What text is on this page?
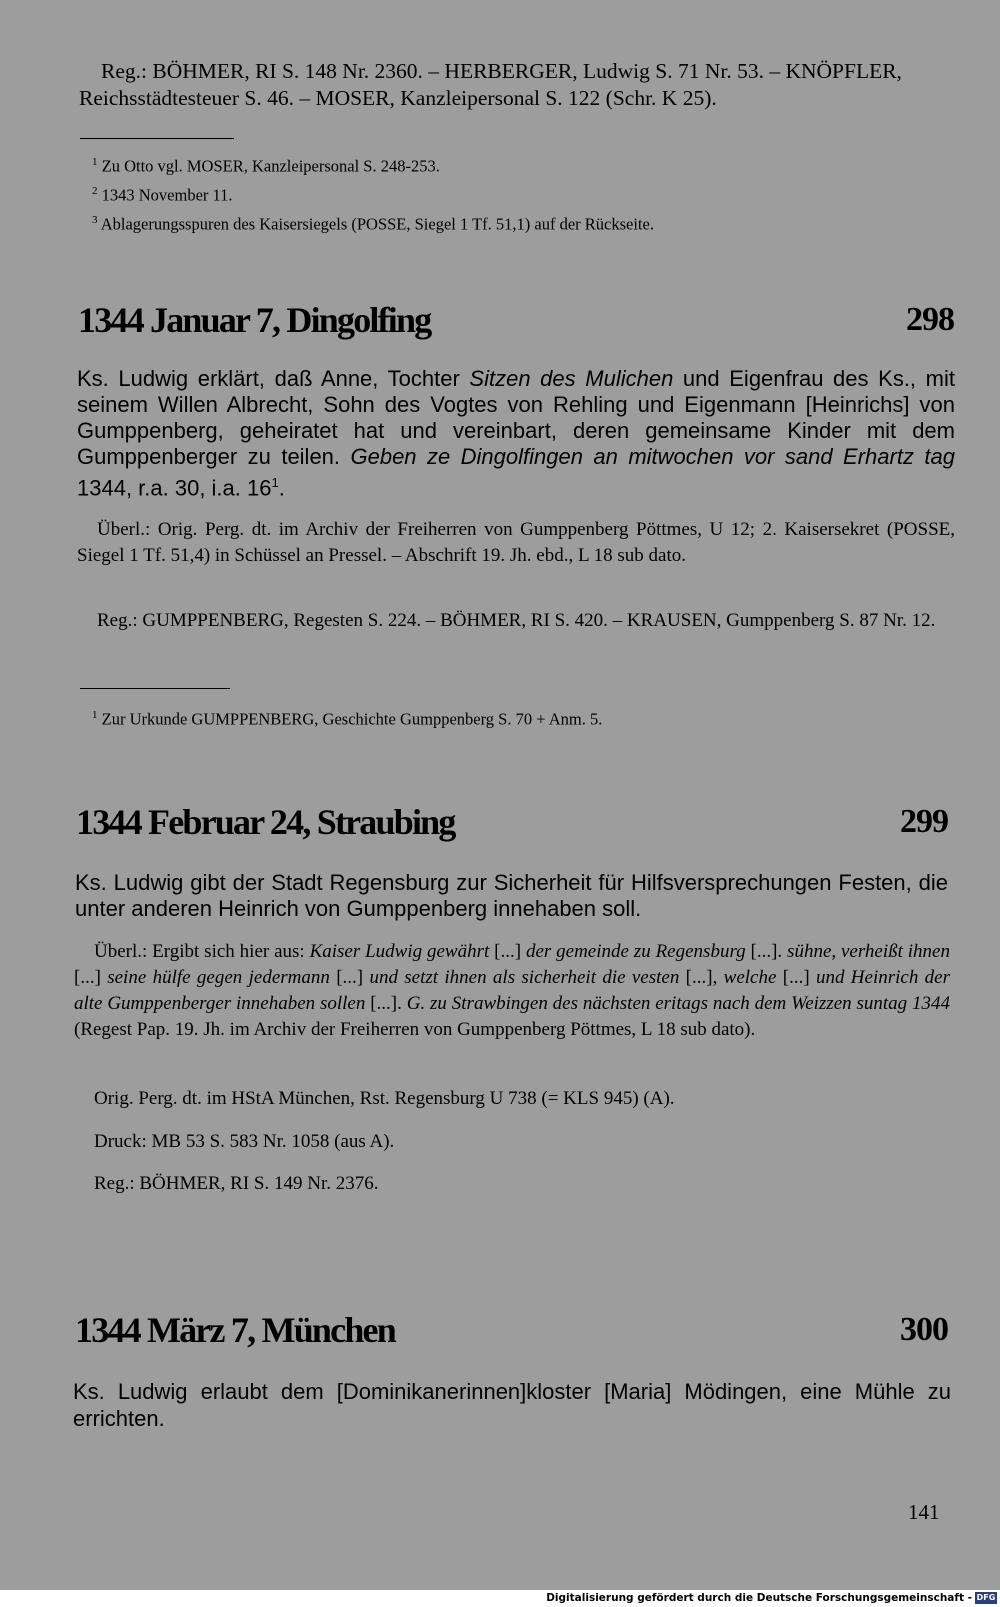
Reg.: BÖHMER, RI S. 148 Nr. 2360. – HERBERGER, Ludwig S. 71 Nr. 53. – KNÖPFLER,

Reichsstädtesteuer S. 46. – MOSER, Kanzleipersonal S. 122 (Schr. K 25).

$^1$ Zu Otto vgl. MOSER, Kanzleipersonal S. 248-253.

$^2$ 1343 November 11.

$^3$ Ablagerungsspuren des Kaisersiegels (POSSE, Siegel 1 Tf. 51,1) auf der Rückseite.

1344 Januar 7, Dingolfing	298

Ks. Ludwig erklärt, daß Anne, Tochter Sitzen des Mulichen und Eigenfrau des Ks., mit seinem Willen Albrecht, Sohn des Vogtes von Rehling und Eigenmann [Heinrichs] von Gumppenberg, geheiratet hat und vereinbart, deren gemeinsame Kinder mit dem Gumppenberger zu teilen. Geben ze Dingolfingen an mitwochen vor sand Erhartz tag 1344, r.a. 30, i.a. $16^1$.

Überl.: Orig. Perg. dt. im Archiv der Freiherren von Gumppenberg Pöttmes, U 12; 2. Kaisersekret (POSSE, Siegel 1 Tf. 51,4) in Schüssel an Pressel. – Abschrift 19. Jh. ebd., L 18 sub dato.

Reg.: GUMPPENBERG, Regesten S. 224. – BÖHMER, RI S. 420. – KRAUSEN, Gumppenberg S. 87 Nr. 12.

$^1$ Zur Urkunde GUMPPENBERG, Geschichte Gumppenberg S. 70 + Anm. 5.

1344 Februar 24, Straubing	299

Ks. Ludwig gibt der Stadt Regensburg zur Sicherheit für Hilfsversprechungen Festen, die unter anderen Heinrich von Gumppenberg innehaben soll.

Überl.: Ergibt sich hier aus: Kaiser Ludwig gewährt [...] der gemeinde zu Regensburg [...]. sühne, verheißt ihnen [...] seine hülfe gegen jedermann [...] und setzt ihnen als sicherheit die vesten [...], welche [...] und Heinrich der alte Gumppenberger innehaben sollen [...]. G. zu Strawbingen des nächsten eritags nach dem Weizzen suntag 1344 (Regest Pap. 19. Jh. im Archiv der Freiherren von Gumppenberg Pöttmes, L 18 sub dato).

Orig. Perg. dt. im HStA München, Rst. Regensburg U 738 (= KLS 945) (A).

Druck: MB 53 S. 583 Nr. 1058 (aus A).

Reg.: BÖHMER, RI S. 149 Nr. 2376.

1344 März 7, München	300

Ks. Ludwig erlaubt dem [Dominikanerinnen]kloster [Maria] Mödingen, eine Mühle zu errichten.

141
Digitalisierung gefördert durch die Deutsche Forschungsgemeinschaft - DFG
